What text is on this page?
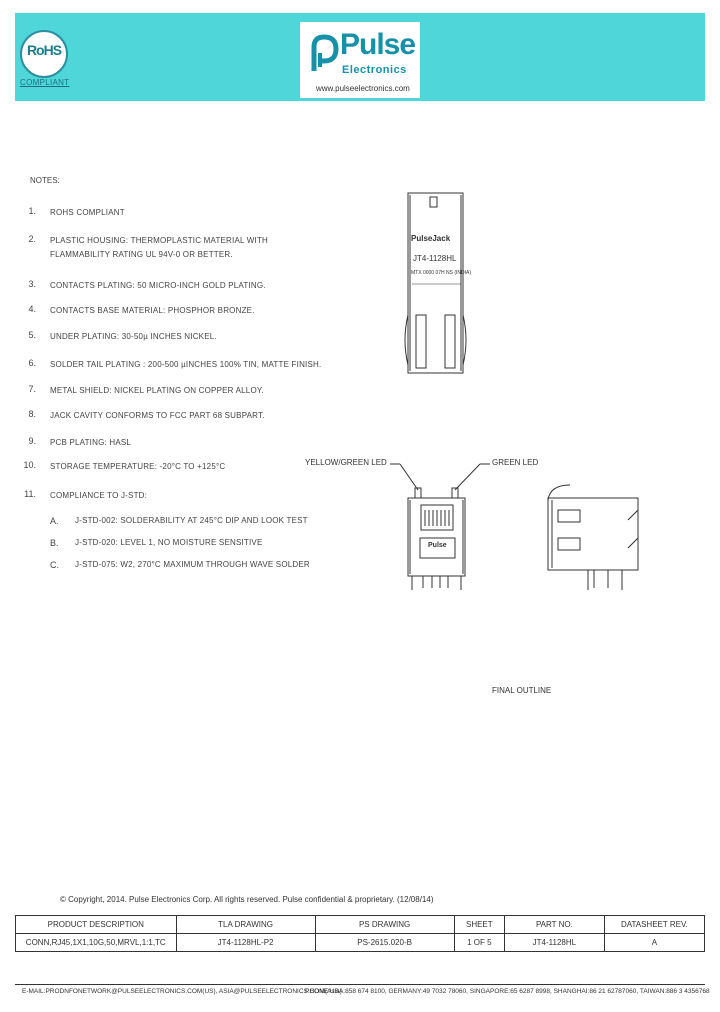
RoHS
COMPLIANT
Pulse
Electronics
www.pulseelectronics.com
NOTES:
1. ROHS COMPLIANT
2. PLASTIC HOUSING: THERMOPLASTIC MATERIAL WITH FLAMMABILITY RATING UL 94V-0 OR BETTER.
3. CONTACTS PLATING: 50 MICRO-INCH GOLD PLATING.
4. CONTACTS BASE MATERIAL: PHOSPHOR BRONZE.
5. UNDER PLATING: 30-50µ INCHES NICKEL.
6. SOLDER TAIL PLATING : 200-500 µINCHES 100% TIN, MATTE FINISH.
7. METAL SHIELD: NICKEL PLATING ON COPPER ALLOY.
8. JACK CAVITY CONFORMS TO FCC PART 68 SUBPART.
9. PCB PLATING: HASL
10. STORAGE TEMPERATURE: -20°C TO +125°C
11. COMPLIANCE TO J-STD:
A. J-STD-002: SOLDERABILITY AT 245°C DIP AND LOOK TEST
B. J-STD-020: LEVEL 1, NO MOISTURE SENSITIVE
C. J-STD-075: W2, 270°C MAXIMUM THROUGH WAVE SOLDER
PulseJack
JT4-1128HL
MTX 0000 07H NS (INDIA)
Pulse
YELLOW/GREEN LED	GREEN LED
FINAL OUTLINE
© Copyright, 2014. Pulse Electronics Corp. All rights reserved. Pulse confidential & proprietary. (12/08/14)
PRODUCT DESCRIPTION	TLA DRAWING	PS DRAWING	SHEET	PART NO.	DATASHEET REV.
CONN,RJ45,1X1,10G,50,MRVL,1:1,TC	JT4-1128HL-P2	PS-2615.020-B	1 OF 5	JT4-1128HL	A
E-MAIL:PRODNFONETWORK@PULSEELECTRONICS.COM(US), ASIA@PULSEELECTRONICS.COM(Asia)
PHONE:USA:858 674 8100, GERMANY:49 7032 78060, SINGAPORE:65 6287 8998, SHANGHAI:86 21 62787060, TAIWAN:886 3 4356768
